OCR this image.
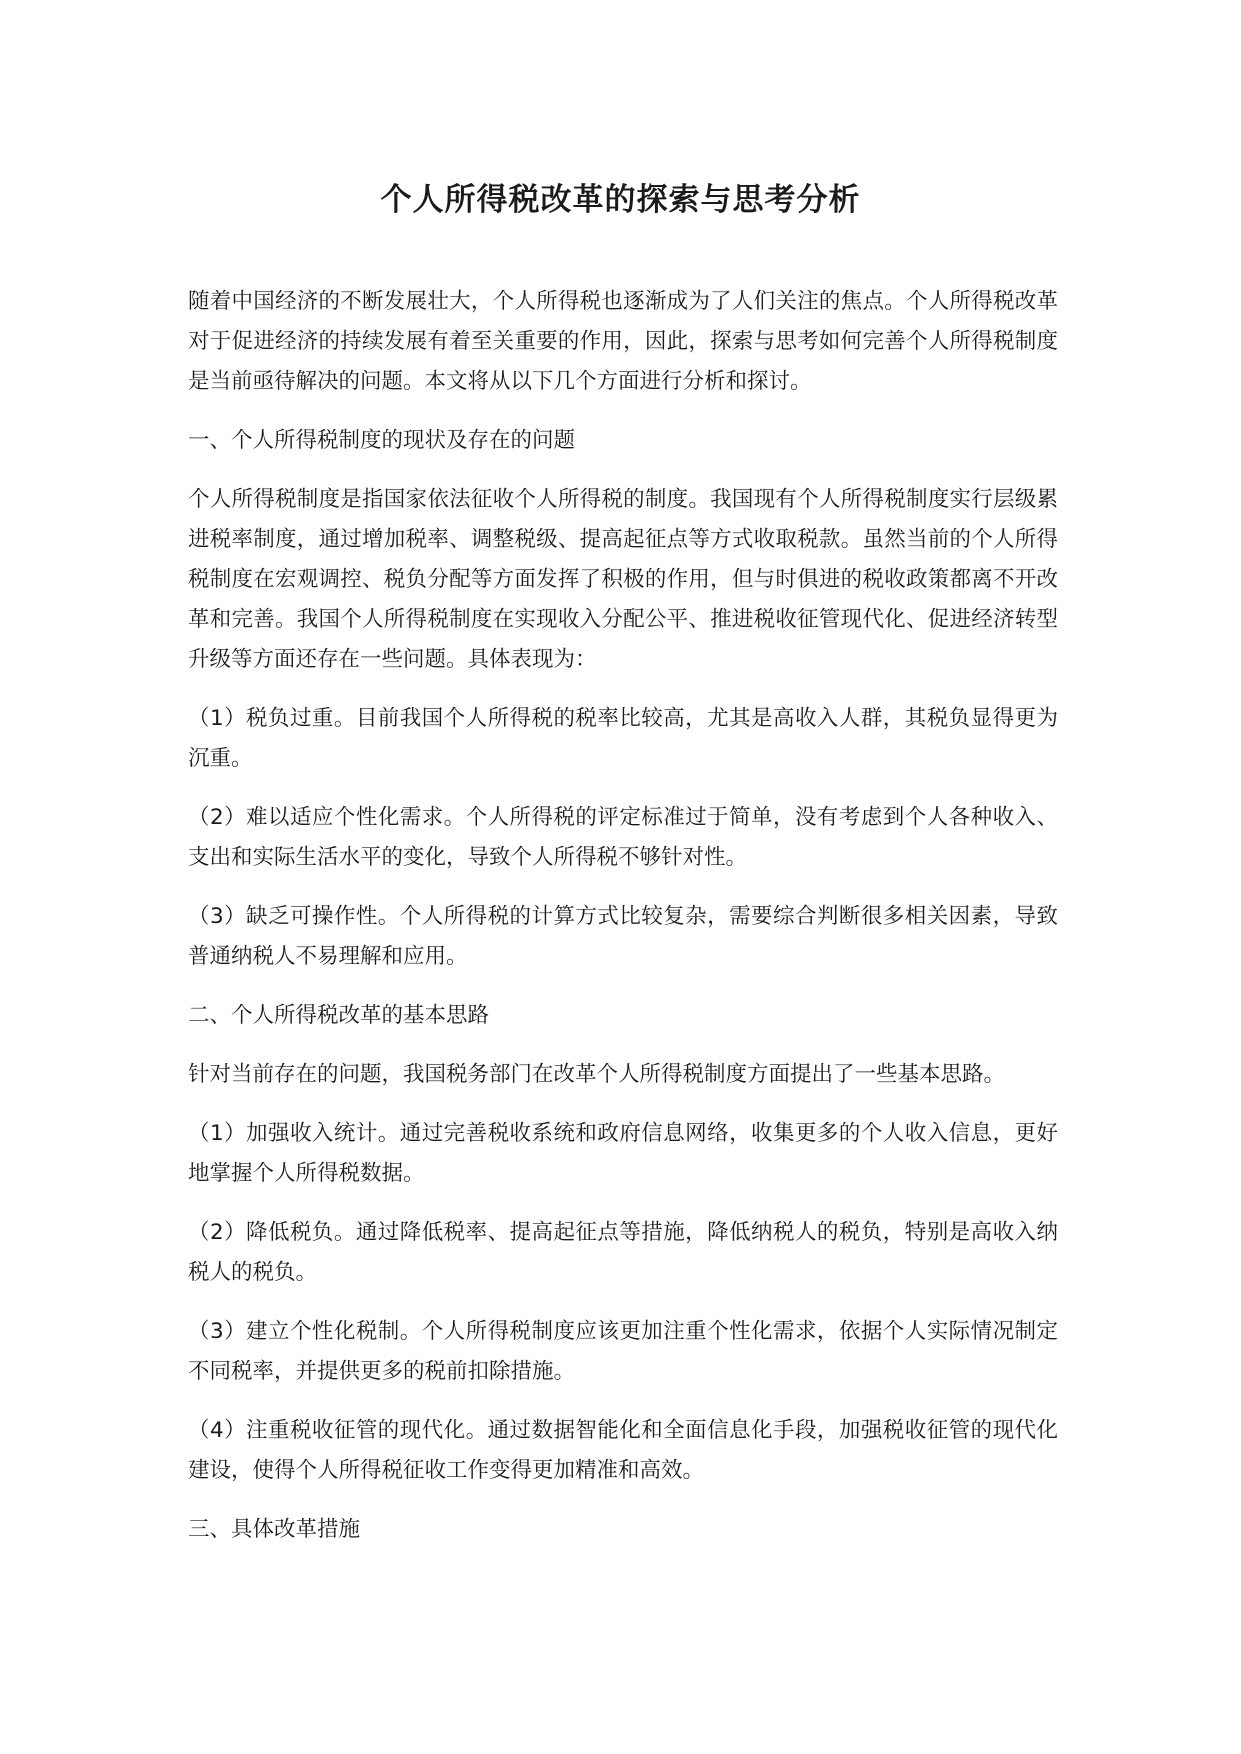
个人所得税改革的探索与思考分析

随着中国经济的不断发展壮大，个人所得税也逐渐成为了人们关注的焦点。个人所得税改革对于促进经济的持续发展有着至关重要的作用，因此，探索与思考如何完善个人所得税制度是当前亟待解决的问题。本文将从以下几个方面进行分析和探讨。

一、个人所得税制度的现状及存在的问题

个人所得税制度是指国家依法征收个人所得税的制度。我国现有个人所得税制度实行层级累进税率制度，通过增加税率、调整税级、提高起征点等方式收取税款。虽然当前的个人所得税制度在宏观调控、税负分配等方面发挥了积极的作用，但与时俱进的税收政策都离不开改革和完善。我国个人所得税制度在实现收入分配公平、推进税收征管现代化、促进经济转型升级等方面还存在一些问题。具体表现为：

（1）税负过重。目前我国个人所得税的税率比较高，尤其是高收入人群，其税负显得更为沉重。

（2）难以适应个性化需求。个人所得税的评定标准过于简单，没有考虑到个人各种收入、支出和实际生活水平的变化，导致个人所得税不够针对性。

（3）缺乏可操作性。个人所得税的计算方式比较复杂，需要综合判断很多相关因素，导致普通纳税人不易理解和应用。

二、个人所得税改革的基本思路

针对当前存在的问题，我国税务部门在改革个人所得税制度方面提出了一些基本思路。

（1）加强收入统计。通过完善税收系统和政府信息网络，收集更多的个人收入信息，更好地掌握个人所得税数据。

（2）降低税负。通过降低税率、提高起征点等措施，降低纳税人的税负，特别是高收入纳税人的税负。

（3）建立个性化税制。个人所得税制度应该更加注重个性化需求，依据个人实际情况制定不同税率，并提供更多的税前扣除措施。

（4）注重税收征管的现代化。通过数据智能化和全面信息化手段，加强税收征管的现代化建设，使得个人所得税征收工作变得更加精准和高效。

三、具体改革措施
